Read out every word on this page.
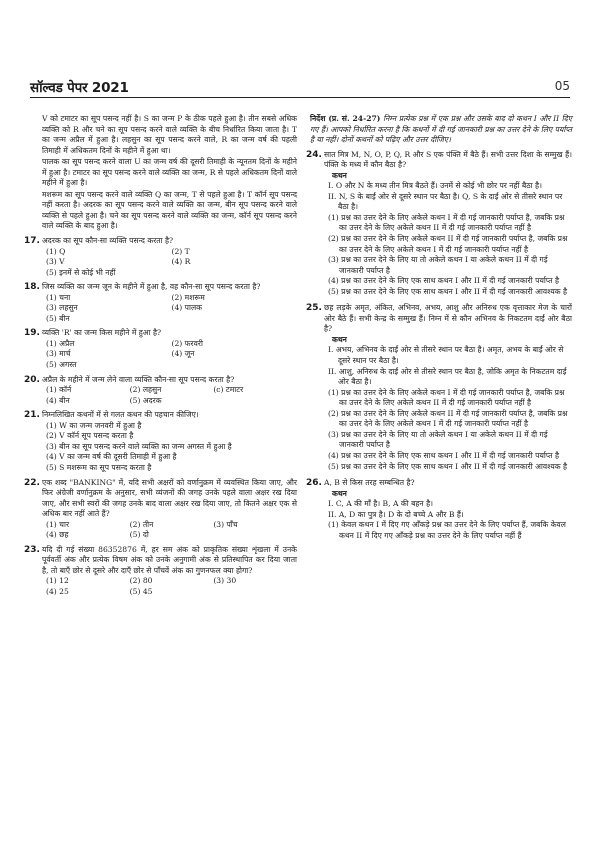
सॉल्वड पेपर 2021	05

V को टमाटर का सूप पसन्द नहीं है। S का जन्म P के ठीक पहले हुआ है। तीन सबसे अधिक व्यक्ति को R और चने का सूप पसन्द करने वाले व्यक्ति के बीच निर्धारित किया जाता है। T का जन्म अप्रैल में हुआ है। लहसुन का सूप पसन्द करने वाले, R का जन्म वर्ष की पहली तिमाही में अधिकतम दिनों के महीने में हुआ था।

पालक का सूप पसन्द करने वाला U का जन्म वर्ष की दूसरी तिमाही के न्यूनतम दिनों के महीने में हुआ है। टमाटर का सूप पसन्द करने वाले व्यक्ति का जन्म, R से पहले अधिकतम दिनों वाले महीने में हुआ है।

मशरूम का सूप पसन्द करने वाले व्यक्ति Q का जन्म, T से पहले हुआ है। T कॉर्न सूप पसन्द नहीं करता है। अदरक का सूप पसन्द करने वाले व्यक्ति का जन्म, बीन सूप पसन्द करने वाले व्यक्ति से पहले हुआ है। चने का सूप पसन्द करने वाले व्यक्ति का जन्म, कॉर्न सूप पसन्द करने वाले व्यक्ति के बाद हुआ है।

17. अदरक का सूप कौन-सा व्यक्ति पसन्द करता है?

(1) Q	(2) T
(3) V	(4) R
(5) इनमें से कोई भी नहीं
18. जिस व्यक्ति का जन्म जून के महीने में हुआ है, वह कौन-सा सूप पसन्द करता है?

(1) चना	(2) मशरूम
(3) लहसुन	(4) पालक
(5) बीन
19. व्यक्ति 'R' का जन्म किस महीने में हुआ है?

(1) अप्रैल	(2) फरवरी
(3) मार्च	(4) जून
(5) अगस्त
20. अप्रैल के महीने में जन्म लेने वाला व्यक्ति कौन-सा सूप पसन्द करता है?

(1) कॉर्न	(2) लहसुन	(c) टमाटर
(4) बीन	(5) अदरक
21. निम्नलिखित कथनों में से गलत कथन की पहचान कीजिए।

(1) W का जन्म जनवरी में हुआ है
(2) V कॉर्न सूप पसन्द करता है
(3) बीन का सूप पसन्द करने वाले व्यक्ति का जन्म अगस्त में हुआ है
(4) V का जन्म वर्ष की दूसरी तिमाही में हुआ है
(5) S मशरूम का सूप पसन्द करता है
22. एक शब्द "BANKING" में, यदि सभी अक्षरों को वर्णानुक्रम में व्यवस्थित किया जाए, और फिर अंग्रेजी वर्णानुक्रम के अनुसार, सभी व्यंजनों की जगह उनके पहले वाला अक्षर रख दिया जाए, और सभी स्वरों की जगह उनके बाद वाला अक्षर रख दिया जाए, तो कितने अक्षर एक से अधिक बार नहीं आते हैं?

(1) चार	(2) तीन	(3) पाँच
(4) छह	(5) दो
23. यदि दी गई संख्या 86352876 में, हर सम अंक को प्राकृतिक संख्या शृंखला में उनके पूर्ववर्ती अंक और प्रत्येक विषम अंक को उनके अनुगामी अंक से प्रतिस्थापित कर दिया जाता है, तो बाएँ छोर से दूसरे और दाएँ छोर से पाँचवें अंक का गुणनफल क्या होगा?

(1) 12	(2) 80	(3) 30
(4) 25	(5) 45

निर्देश (प्र. सं. 24-27) निम्न प्रत्येक प्रश्न में एक प्रश्न और उसके बाद दो कथन I और II दिए गए हैं। आपको निर्धारित करना है कि कथनों में दी गई जानकारी प्रश्न का उत्तर देने के लिए पर्याप्त है या नहीं। दोनों कथनों को पढ़िए और उत्तर दीजिए।

24. सात मित्र M, N, O, P, Q, R और S एक पंक्ति में बैठे हैं। सभी उत्तर दिशा के सम्मुख हैं। पंक्ति के मध्य में कौन बैठा है?

कथन
I. O और N के मध्य तीन मित्र बैठते हैं। उनमें से कोई भी छोर पर नहीं बैठा है।
II. N, S के बाईं ओर से दूसरे स्थान पर बैठा है। Q, S के दाईं ओर से तीसरे स्थान पर बैठा है।
(1) प्रश्न का उत्तर देने के लिए अकेले कथन I में दी गई जानकारी पर्याप्त है, जबकि प्रश्न का उत्तर देने के लिए अकेले कथन II में दी गई जानकारी पर्याप्त नहीं है
(2) प्रश्न का उत्तर देने के लिए अकेले कथन II में दी गई जानकारी पर्याप्त है, जबकि प्रश्न का उत्तर देने के लिए अकेले कथन I में दी गई जानकारी पर्याप्त नहीं है
(3) प्रश्न का उत्तर देने के लिए या तो अकेले कथन I या अकेले कथन II में दी गई जानकारी पर्याप्त है
(4) प्रश्न का उत्तर देने के लिए एक साथ कथन I और II में दी गई जानकारी पर्याप्त है
(5) प्रश्न का उत्तर देने के लिए एक साथ कथन I और II में दी गई जानकारी आवश्यक है
25. छह लड़के अमृत, अंकित, अभिनव, अभय, आशु और अनिरुध एक वृत्ताकार मेज के चारों ओर बैठे हैं। सभी केन्द्र के सम्मुख हैं। निम्न में से कौन अभिनव के निकटतम दाईं ओर बैठा है?

कथन
I. अभय, अभिनव के दाईं ओर से तीसरे स्थान पर बैठा है। अमृत, अभय के बाईं ओर से दूसरे स्थान पर बैठा है।
II. आशु, अनिरुध के दाईं ओर से तीसरे स्थान पर बैठा है, जोकि अमृत के निकटतम दाईं ओर बैठा है।
(1) प्रश्न का उत्तर देने के लिए अकेले कथन I में दी गई जानकारी पर्याप्त है, जबकि प्रश्न का उत्तर देने के लिए अकेले कथन II में दी गई जानकारी पर्याप्त नहीं है
(2) प्रश्न का उत्तर देने के लिए अकेले कथन II में दी गई जानकारी पर्याप्त है, जबकि प्रश्न का उत्तर देने के लिए अकेले कथन I में दी गई जानकारी पर्याप्त नहीं है
(3) प्रश्न का उत्तर देने के लिए या तो अकेले कथन I या अकेले कथन II में दी गई जानकारी पर्याप्त है
(4) प्रश्न का उत्तर देने के लिए एक साथ कथन I और II में दी गई जानकारी पर्याप्त है
(5) प्रश्न का उत्तर देने के लिए एक साथ कथन I और II में दी गई जानकारी आवश्यक है
26. A, B से किस तरह सम्बन्धित है?

कथन
I. C, A की माँ है। B, A की बहन है।
II. A, D का पुत्र है। D के दो बच्चे A और B हैं।
(1) केवल कथन I में दिए गए आँकड़े प्रश्न का उत्तर देने के लिए पर्याप्त हैं, जबकि केवल कथन II में दिए गए आँकड़े प्रश्न का उत्तर देने के लिए पर्याप्त नहीं हैं
